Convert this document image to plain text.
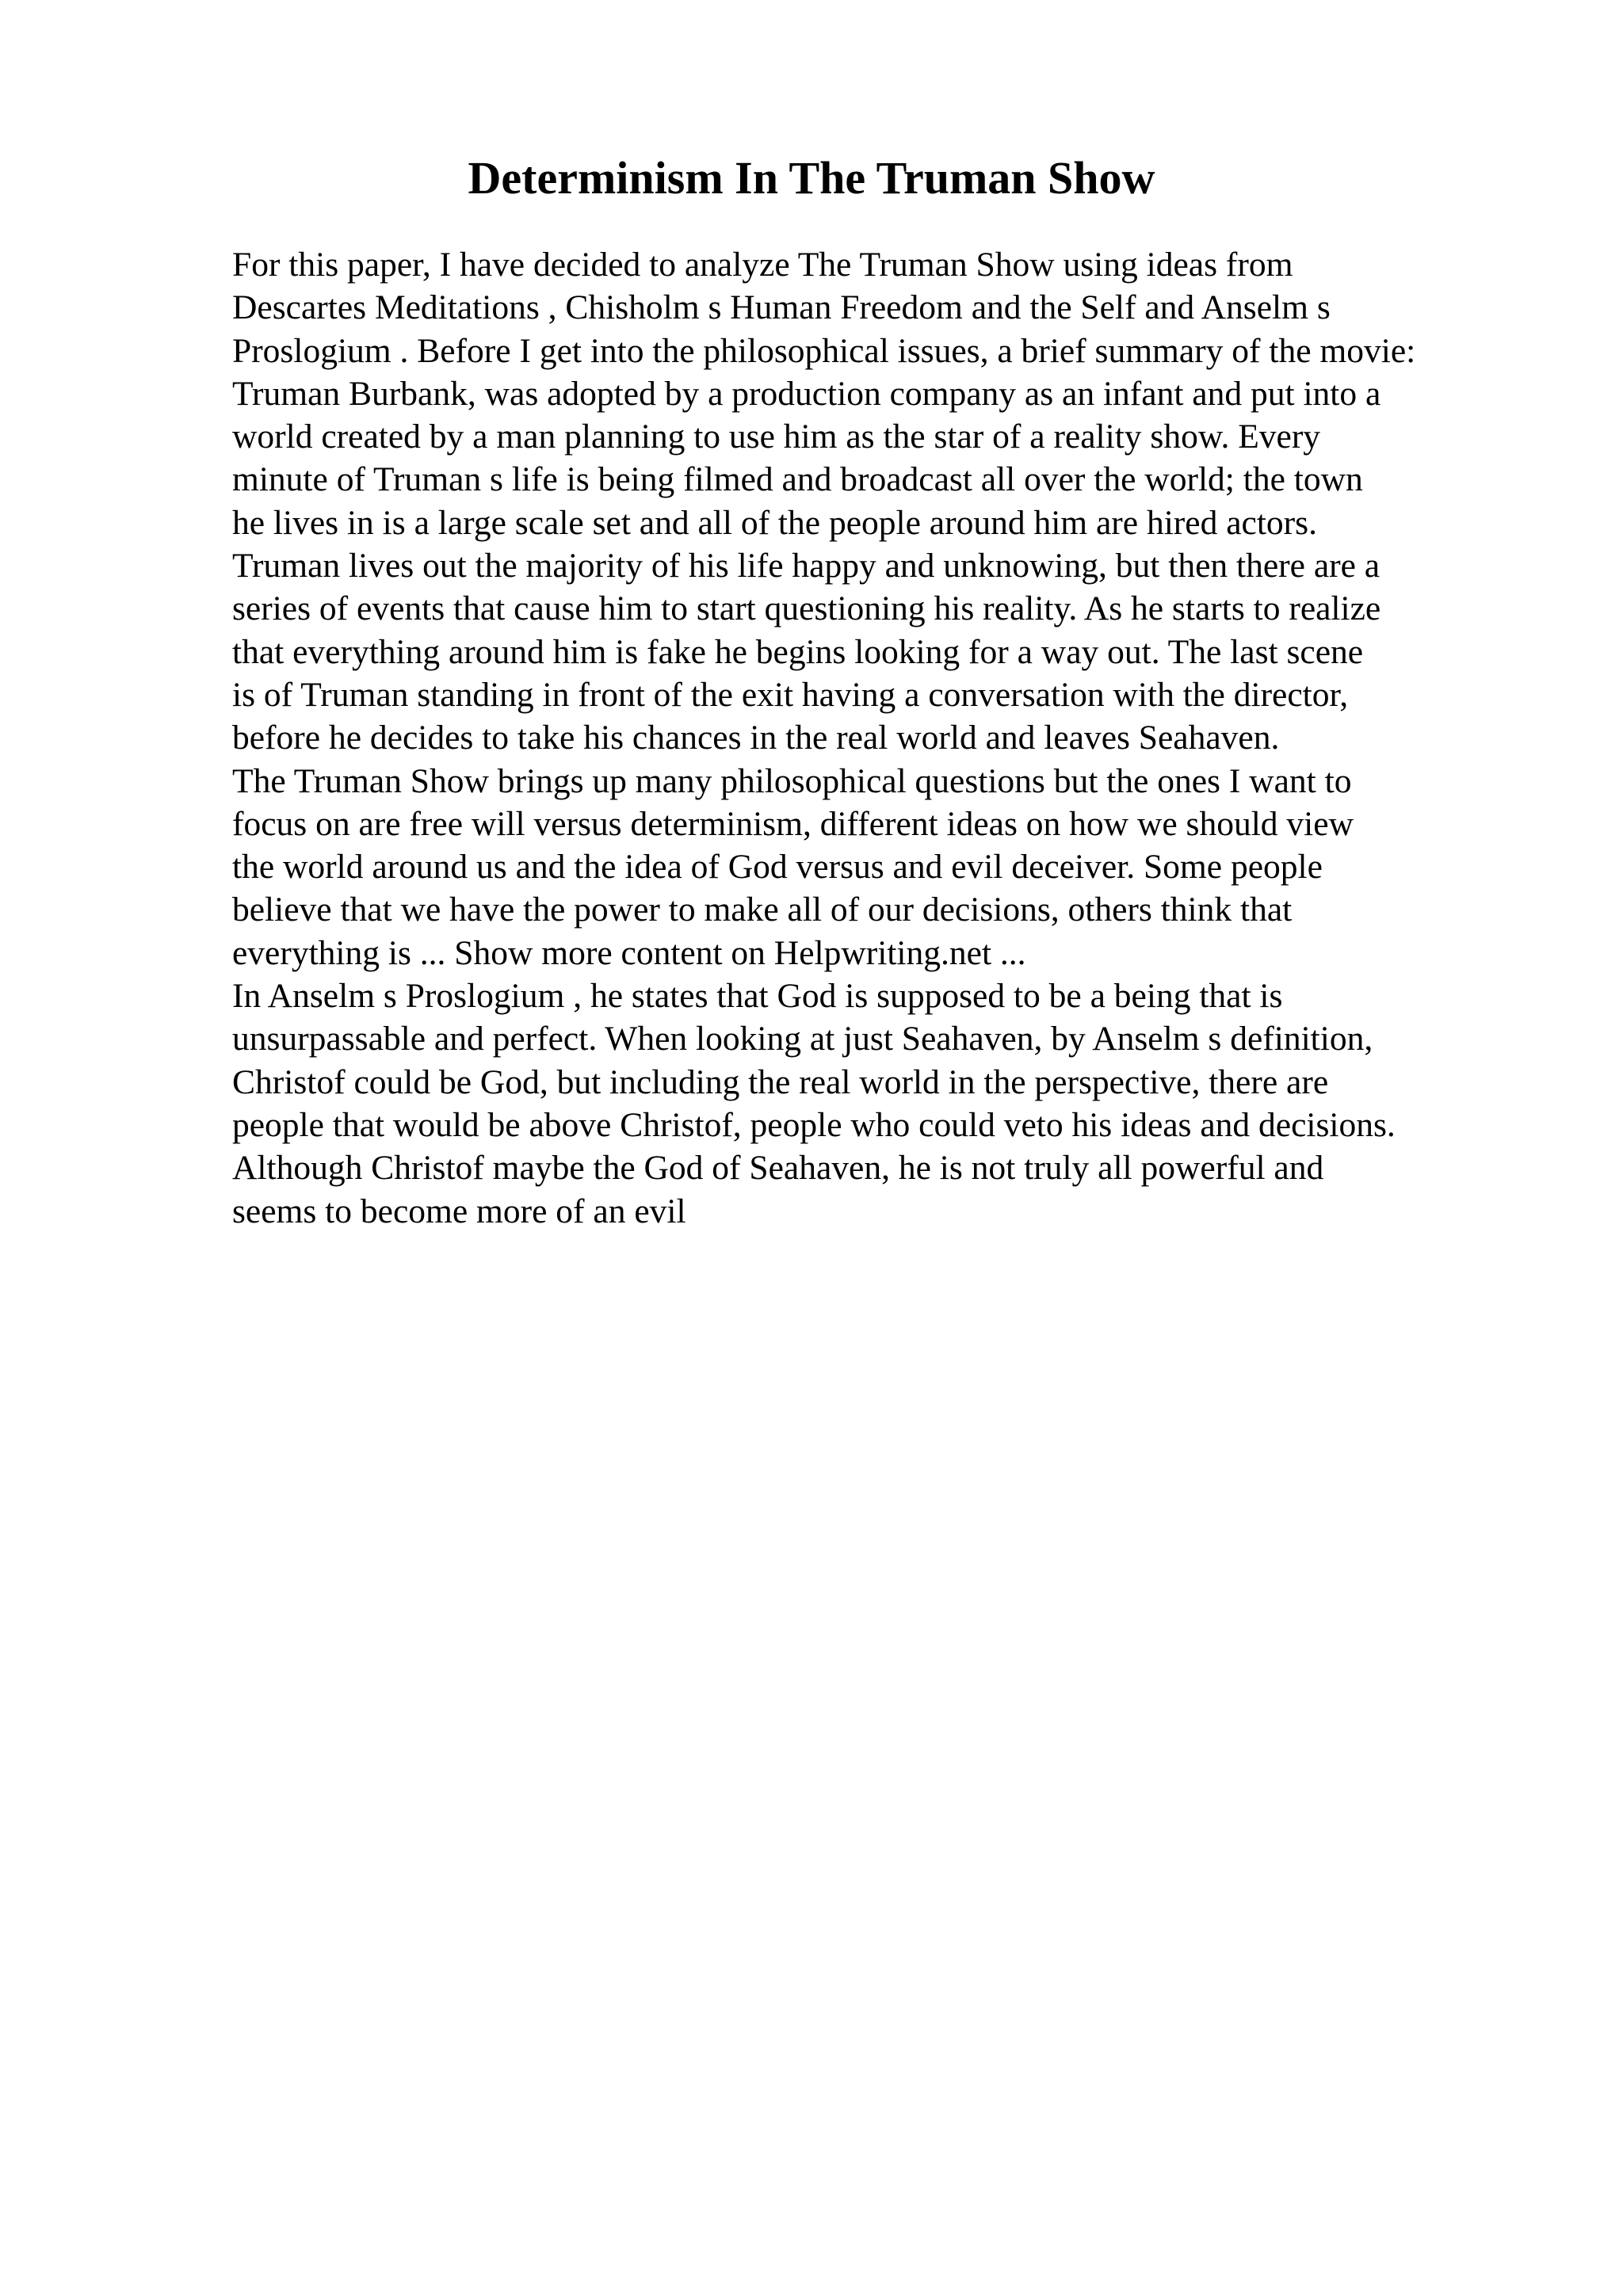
Determinism In The Truman Show
For this paper, I have decided to analyze The Truman Show using ideas from
Descartes Meditations , Chisholm s Human Freedom and the Self and Anselm s
Proslogium . Before I get into the philosophical issues, a brief summary of the movie:
Truman Burbank, was adopted by a production company as an infant and put into a
world created by a man planning to use him as the star of a reality show. Every
minute of Truman s life is being filmed and broadcast all over the world; the town
he lives in is a large scale set and all of the people around him are hired actors.
Truman lives out the majority of his life happy and unknowing, but then there are a
series of events that cause him to start questioning his reality. As he starts to realize
that everything around him is fake he begins looking for a way out. The last scene
is of Truman standing in front of the exit having a conversation with the director,
before he decides to take his chances in the real world and leaves Seahaven.
The Truman Show brings up many philosophical questions but the ones I want to
focus on are free will versus determinism, different ideas on how we should view
the world around us and the idea of God versus and evil deceiver. Some people
believe that we have the power to make all of our decisions, others think that
everything is ... Show more content on Helpwriting.net ...
In Anselm s Proslogium , he states that God is supposed to be a being that is
unsurpassable and perfect. When looking at just Seahaven, by Anselm s definition,
Christof could be God, but including the real world in the perspective, there are
people that would be above Christof, people who could veto his ideas and decisions.
Although Christof maybe the God of Seahaven, he is not truly all powerful and
seems to become more of an evil
